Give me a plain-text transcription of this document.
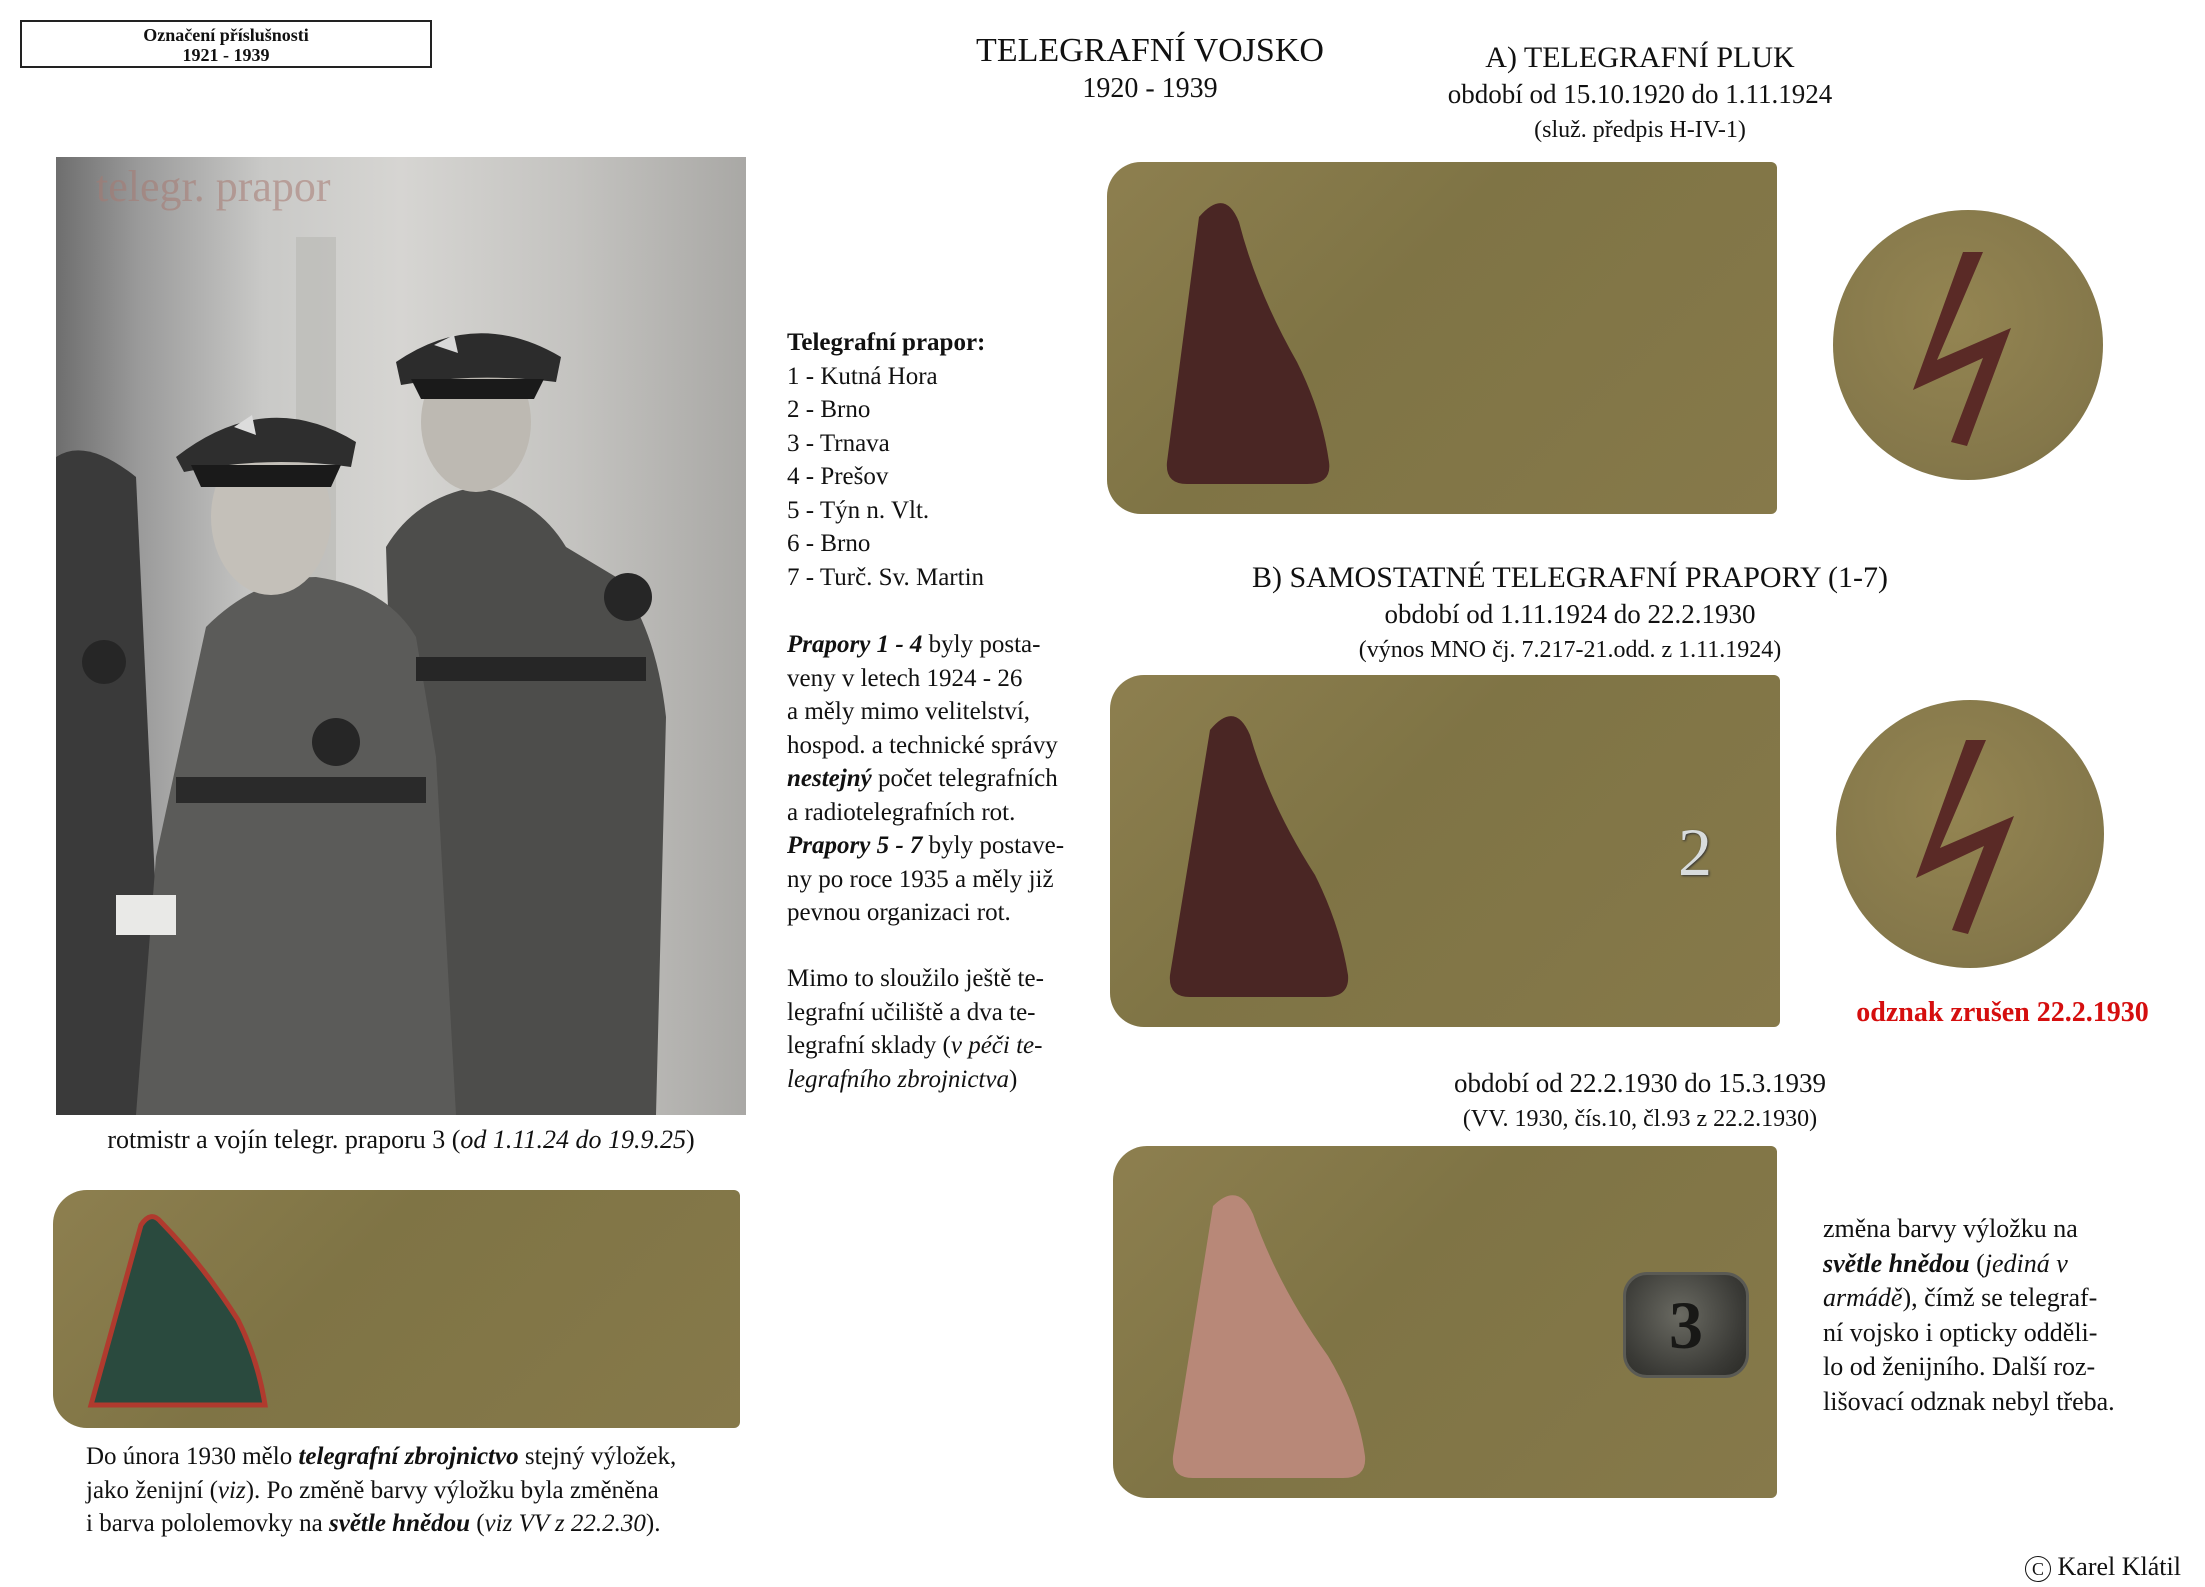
Označení příslušnosti
1921 - 1939	TELEGRAFNÍ VOJSKO
1920 - 1939
A) TELEGRAFNÍ PLUK
období od 15.10.1920 do 1.11.1924
(služ. předpis H-IV-1)
telegr. prapor
rotmistr a vojín telegr. praporu 3 (od 1.11.24 do 19.9.25)
Telegrafní prapor:
1 - Kutná Hora
2 - Brno
3 - Trnava
4 - Prešov
5 - Týn n. Vlt.
6 - Brno
7 - Turč. Sv. Martin
Prapory 1 - 4 byly posta-
veny v letech 1924 - 26
a měly mimo velitelství,
hospod. a technické správy
nestejný počet telegrafních
a radiotelegrafních rot.
Prapory 5 - 7 byly postave-
ny po roce 1935 a měly již
pevnou organizaci rot.
Mimo to sloužilo ještě te-
legrafní učiliště a dva te-
legrafní sklady (v péči te-
legrafního zbrojnictva)
B) SAMOSTATNÉ TELEGRAFNÍ PRAPORY (1-7)
období od 1.11.1924 do 22.2.1930
(výnos MNO čj. 7.217-21.odd. z 1.11.1924)
2
odznak zrušen 22.2.1930
období od 22.2.1930 do 15.3.1939
(VV. 1930, čís.10, čl.93 z 22.2.1930)
3
změna barvy výložku na
světle hnědou (jediná v
armádě), čímž se telegraf-
ní vojsko i opticky odděli-
lo od ženijního. Další roz-
lišovací odznak nebyl třeba.
Do února 1930 mělo telegrafní zbrojnictvo stejný výložek,
jako ženijní (viz). Po změně barvy výložku byla změněna
i barva pololemovky na světle hnědou (viz VV z 22.2.30).
C Karel Klátil
